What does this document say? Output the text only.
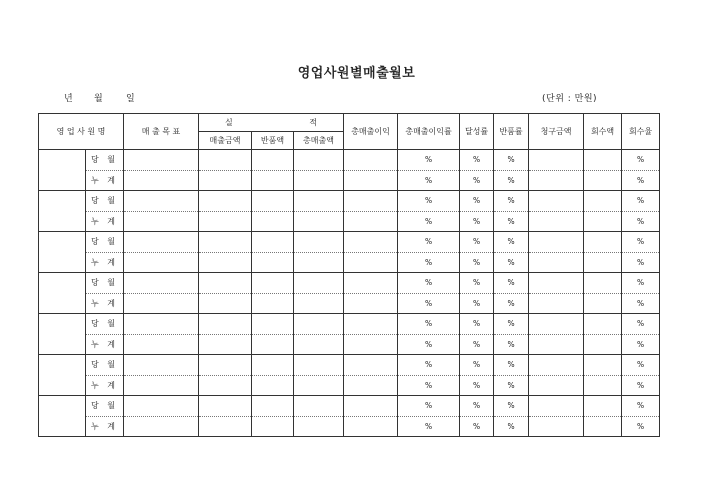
영업사원별매출월보
년 월	일	(단위 : 만원)
영 업 사 원 명		매 출 목 표	실 적			총매출이익	총매출이익률	달성률	반품률	청구금액	회수액	회수율
			매출금액	반품액	총매출액							
	당 월						%	%	%			%
	누 계						%	%	%			%
	당 월						%	%	%			%
	누 계						%	%	%			%
	당 월						%	%	%			%
	누 계						%	%	%			%
	당 월						%	%	%			%
	누 계						%	%	%			%
	당 월						%	%	%			%
	누 계						%	%	%			%
	당 월						%	%	%			%
	누 계						%	%	%			%
	당 월						%	%	%			%
	누 계						%	%	%			%
